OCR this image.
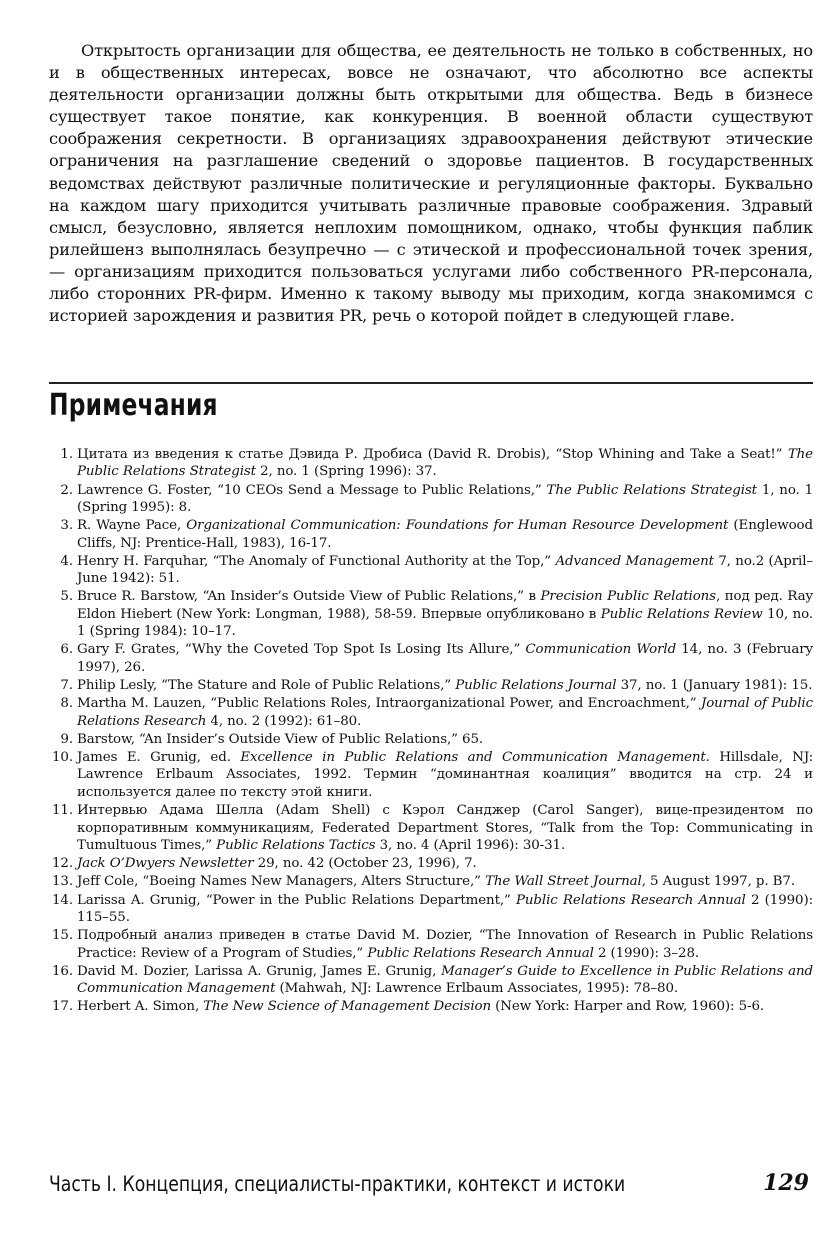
Открытость организации для общества, ее деятельность не только в собственных, но и в общественных интересах, вовсе не означают, что абсолютно все аспекты деятельности организации должны быть открытыми для общества. Ведь в бизнесе существует такое понятие, как конкуренция. В военной области существуют соображения секретности. В организациях здравоохранения действуют этические ограничения на разглашение сведений о здоровье пациентов. В государственных ведомствах действуют различные политические и регуляционные факторы. Буквально на каждом шагу приходится учитывать различные правовые соображения. Здравый смысл, безусловно, является неплохим помощником, однако, чтобы функция паблик рилейшенз выполнялась безупречно — с этической и профессиональной точек зрения, — организациям приходится пользоваться услугами либо собственного PR-персонала, либо сторонних PR-фирм. Именно к такому выводу мы приходим, когда знакомимся с историей зарождения и развития PR, речь о которой пойдет в следующей главе.

Примечания
1. Цитата из введения к статье Дэвида Р. Дробиса (David R. Drobis), “Stop Whining and Take a Seat!” The Public Relations Strategist 2, no. 1 (Spring 1996): 37.
2. Lawrence G. Foster, “10 CEOs Send a Message to Public Relations,” The Public Relations Strategist 1, no. 1 (Spring 1995): 8.
3. R. Wayne Pace, Organizational Communication: Foundations for Human Resource Development (Englewood Cliffs, NJ: Prentice-Hall, 1983), 16-17.
4. Henry H. Farquhar, “The Anomaly of Functional Authority at the Top,” Advanced Management 7, no.2 (April–June 1942): 51.
5. Bruce R. Barstow, “An Insider’s Outside View of Public Relations,” в Precision Public Relations, под ред. Ray Eldon Hiebert (New York: Longman, 1988), 58-59. Впервые опубликовано в Public Relations Review 10, no. 1 (Spring 1984): 10–17.
6. Gary F. Grates, “Why the Coveted Top Spot Is Losing Its Allure,” Communication World 14, no. 3 (February 1997), 26.
7. Philip Lesly, “The Stature and Role of Public Relations,” Public Relations Journal 37, no. 1 (January 1981): 15.
8. Martha M. Lauzen, “Public Relations Roles, Intraorganizational Power, and Encroachment,” Journal of Public Relations Research 4, no. 2 (1992): 61–80.
9. Barstow, “An Insider’s Outside View of Public Relations,” 65.
10. James E. Grunig, ed. Excellence in Public Relations and Communication Management. Hillsdale, NJ: Lawrence Erlbaum Associates, 1992. Термин “доминантная коалиция” вводится на стр. 24 и используется далее по тексту этой книги.
11. Интервью Адама Шелла (Adam Shell) с Кэрол Санджер (Carol Sanger), вице-президентом по корпоративным коммуникациям, Federated Department Stores, “Talk from the Top: Communicating in Tumultuous Times,” Public Relations Tactics 3, no. 4 (April 1996): 30-31.
12. Jack O’Dwyers Newsletter 29, no. 42 (October 23, 1996), 7.
13. Jeff Cole, “Boeing Names New Managers, Alters Structure,” The Wall Street Journal, 5 August 1997, p. B7.
14. Larissa A. Grunig, “Power in the Public Relations Department,” Public Relations Research Annual 2 (1990): 115–55.
15. Подробный анализ приведен в статье David M. Dozier, “The Innovation of Research in Public Relations Practice: Review of a Program of Studies,” Public Relations Research Annual 2 (1990): 3–28.
16. David M. Dozier, Larissa A. Grunig, James E. Grunig, Manager’s Guide to Excellence in Public Relations and Communication Management (Mahwah, NJ: Lawrence Erlbaum Associates, 1995): 78–80.
17. Herbert A. Simon, The New Science of Management Decision (New York: Harper and Row, 1960): 5-6.
Часть I. Концепция, специалисты-практики, контекст и истоки	129
